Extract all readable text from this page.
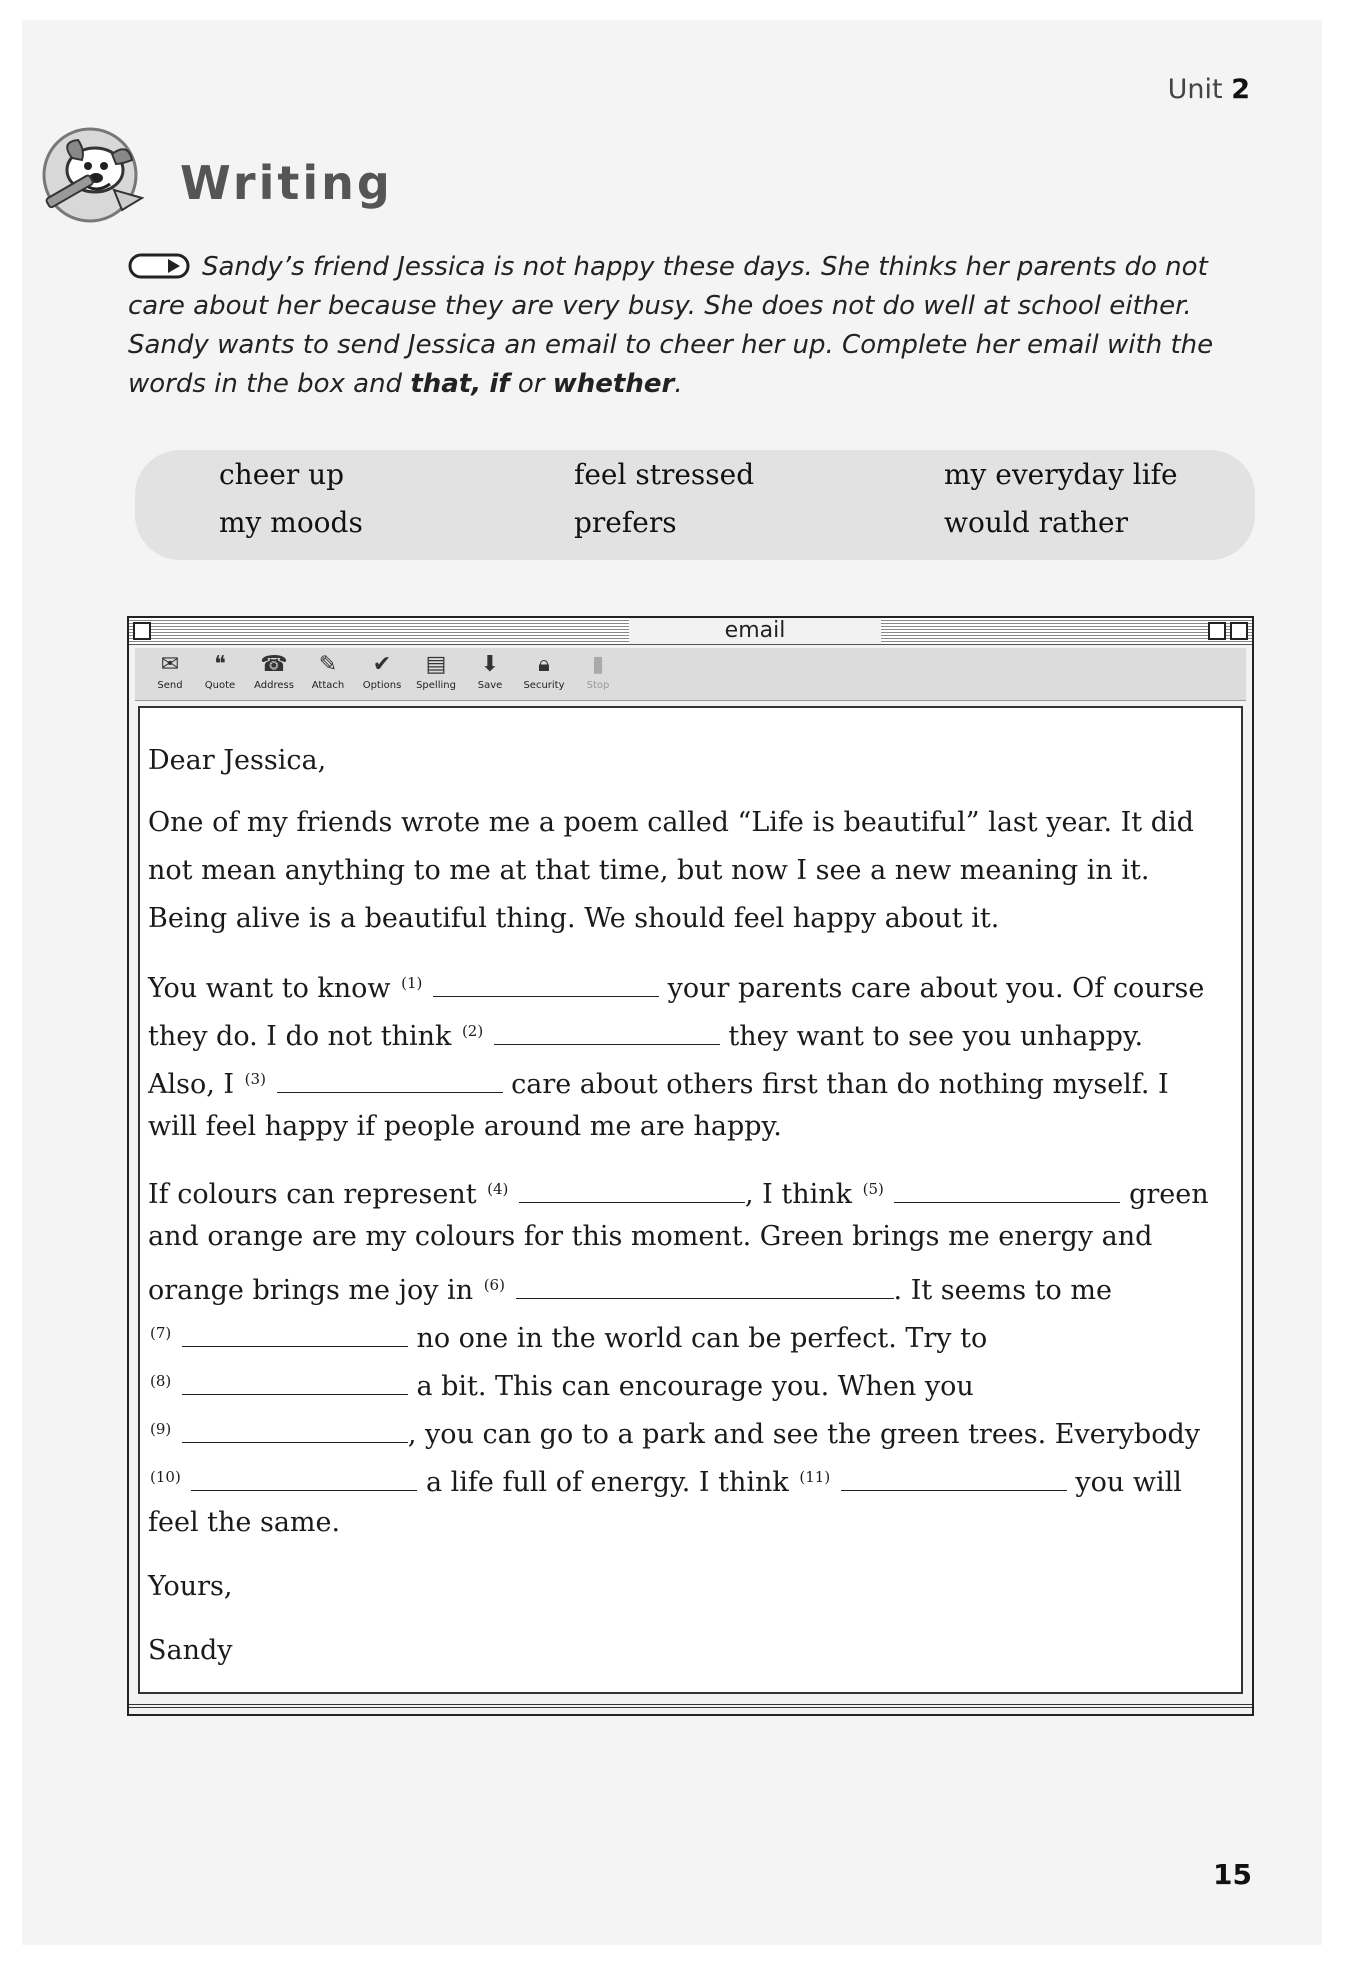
Unit 2
Writing
Sandy’s friend Jessica is not happy these days. She thinks her parents do not care about her because they are very busy. She does not do well at school either. Sandy wants to send Jessica an email to cheer her up. Complete her email with the words in the box and that, if or whether.
cheer up	feel stressed	my everyday life
my moods	prefers	would rather
email
✉
Send
❝
Quote
☎
Address
✎
Attach
✔
Options
▤
Spelling
⬇
Save
🔒︎
Security
▮
Stop
Dear Jessica,
One of my friends wrote me a poem called “Life is beautiful” last year. It did
not mean anything to me at that time, but now I see a new meaning in it.
Being alive is a beautiful thing. We should feel happy about it.
You want to know $^{(1)}$	your parents care about you. Of course
they do. I do not think $^{(2)}$	they want to see you unhappy.
Also, I $^{(3)}$	care about others first than do nothing myself. I
will feel happy if people around me are happy.
If colours can represent $^{(4)}$	, I think $^{(5)}$	green
and orange are my colours for this moment. Green brings me energy and
orange brings me joy in $^{(6)}$	. It seems to me
$^{(7)}$	no one in the world can be perfect. Try to
$^{(8)}$	a bit. This can encourage you. When you
$^{(9)}$	, you can go to a park and see the green trees. Everybody
$^{(10)}$	a life full of energy. I think $^{(11)}$	you will
feel the same.
Yours,
Sandy
15
